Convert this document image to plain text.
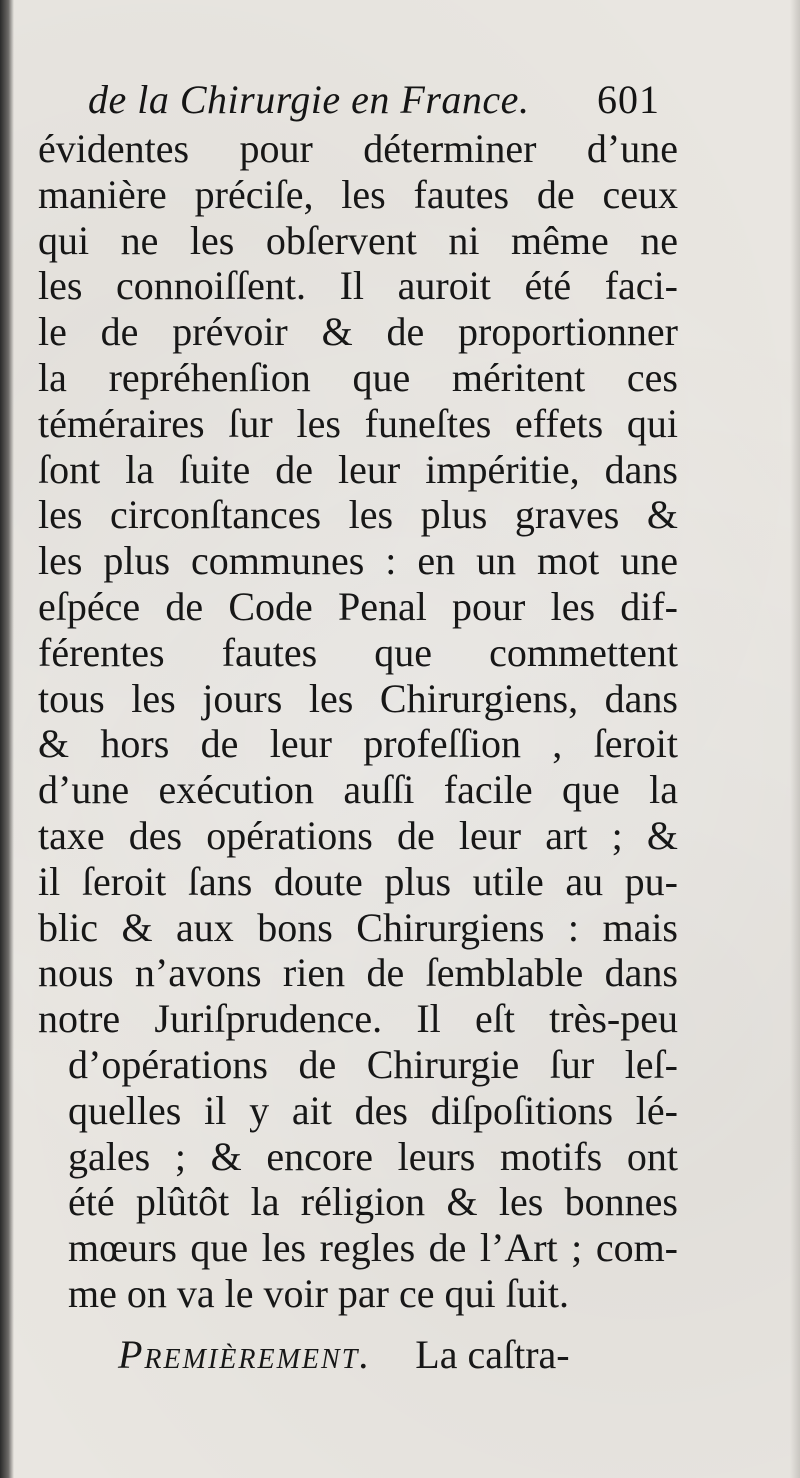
de la Chirurgie en France. 601
évidentes pour déterminer d’une
manière préciſe, les fautes de ceux
qui ne les obſervent ni même ne
les connoiſſent. Il auroit été faci-
le de prévoir & de proportionner
la repréhenſion que méritent ces
téméraires ſur les funeſtes effets qui
ſont la ſuite de leur impéritie, dans
les circonſtances les plus graves &
les plus communes : en un mot une
eſpéce de Code Penal pour les dif-
férentes fautes que commettent
tous les jours les Chirurgiens, dans
& hors de leur profeſſion , ſeroit
d’une exécution auſſi facile que la
taxe des opérations de leur art ; &
il ſeroit ſans doute plus utile au pu-
blic & aux bons Chirurgiens : mais
nous n’avons rien de ſemblable dans
notre Juriſprudence. Il eſt très-peu
d’opérations de Chirurgie ſur leſ-
quelles il y ait des diſpoſitions lé-
gales ; & encore leurs motifs ont
été plûtôt la réligion & les bonnes
mœurs que les regles de l’Art ; com-
me on va le voir par ce qui ſuit.
Premièrement. La caſtra-
